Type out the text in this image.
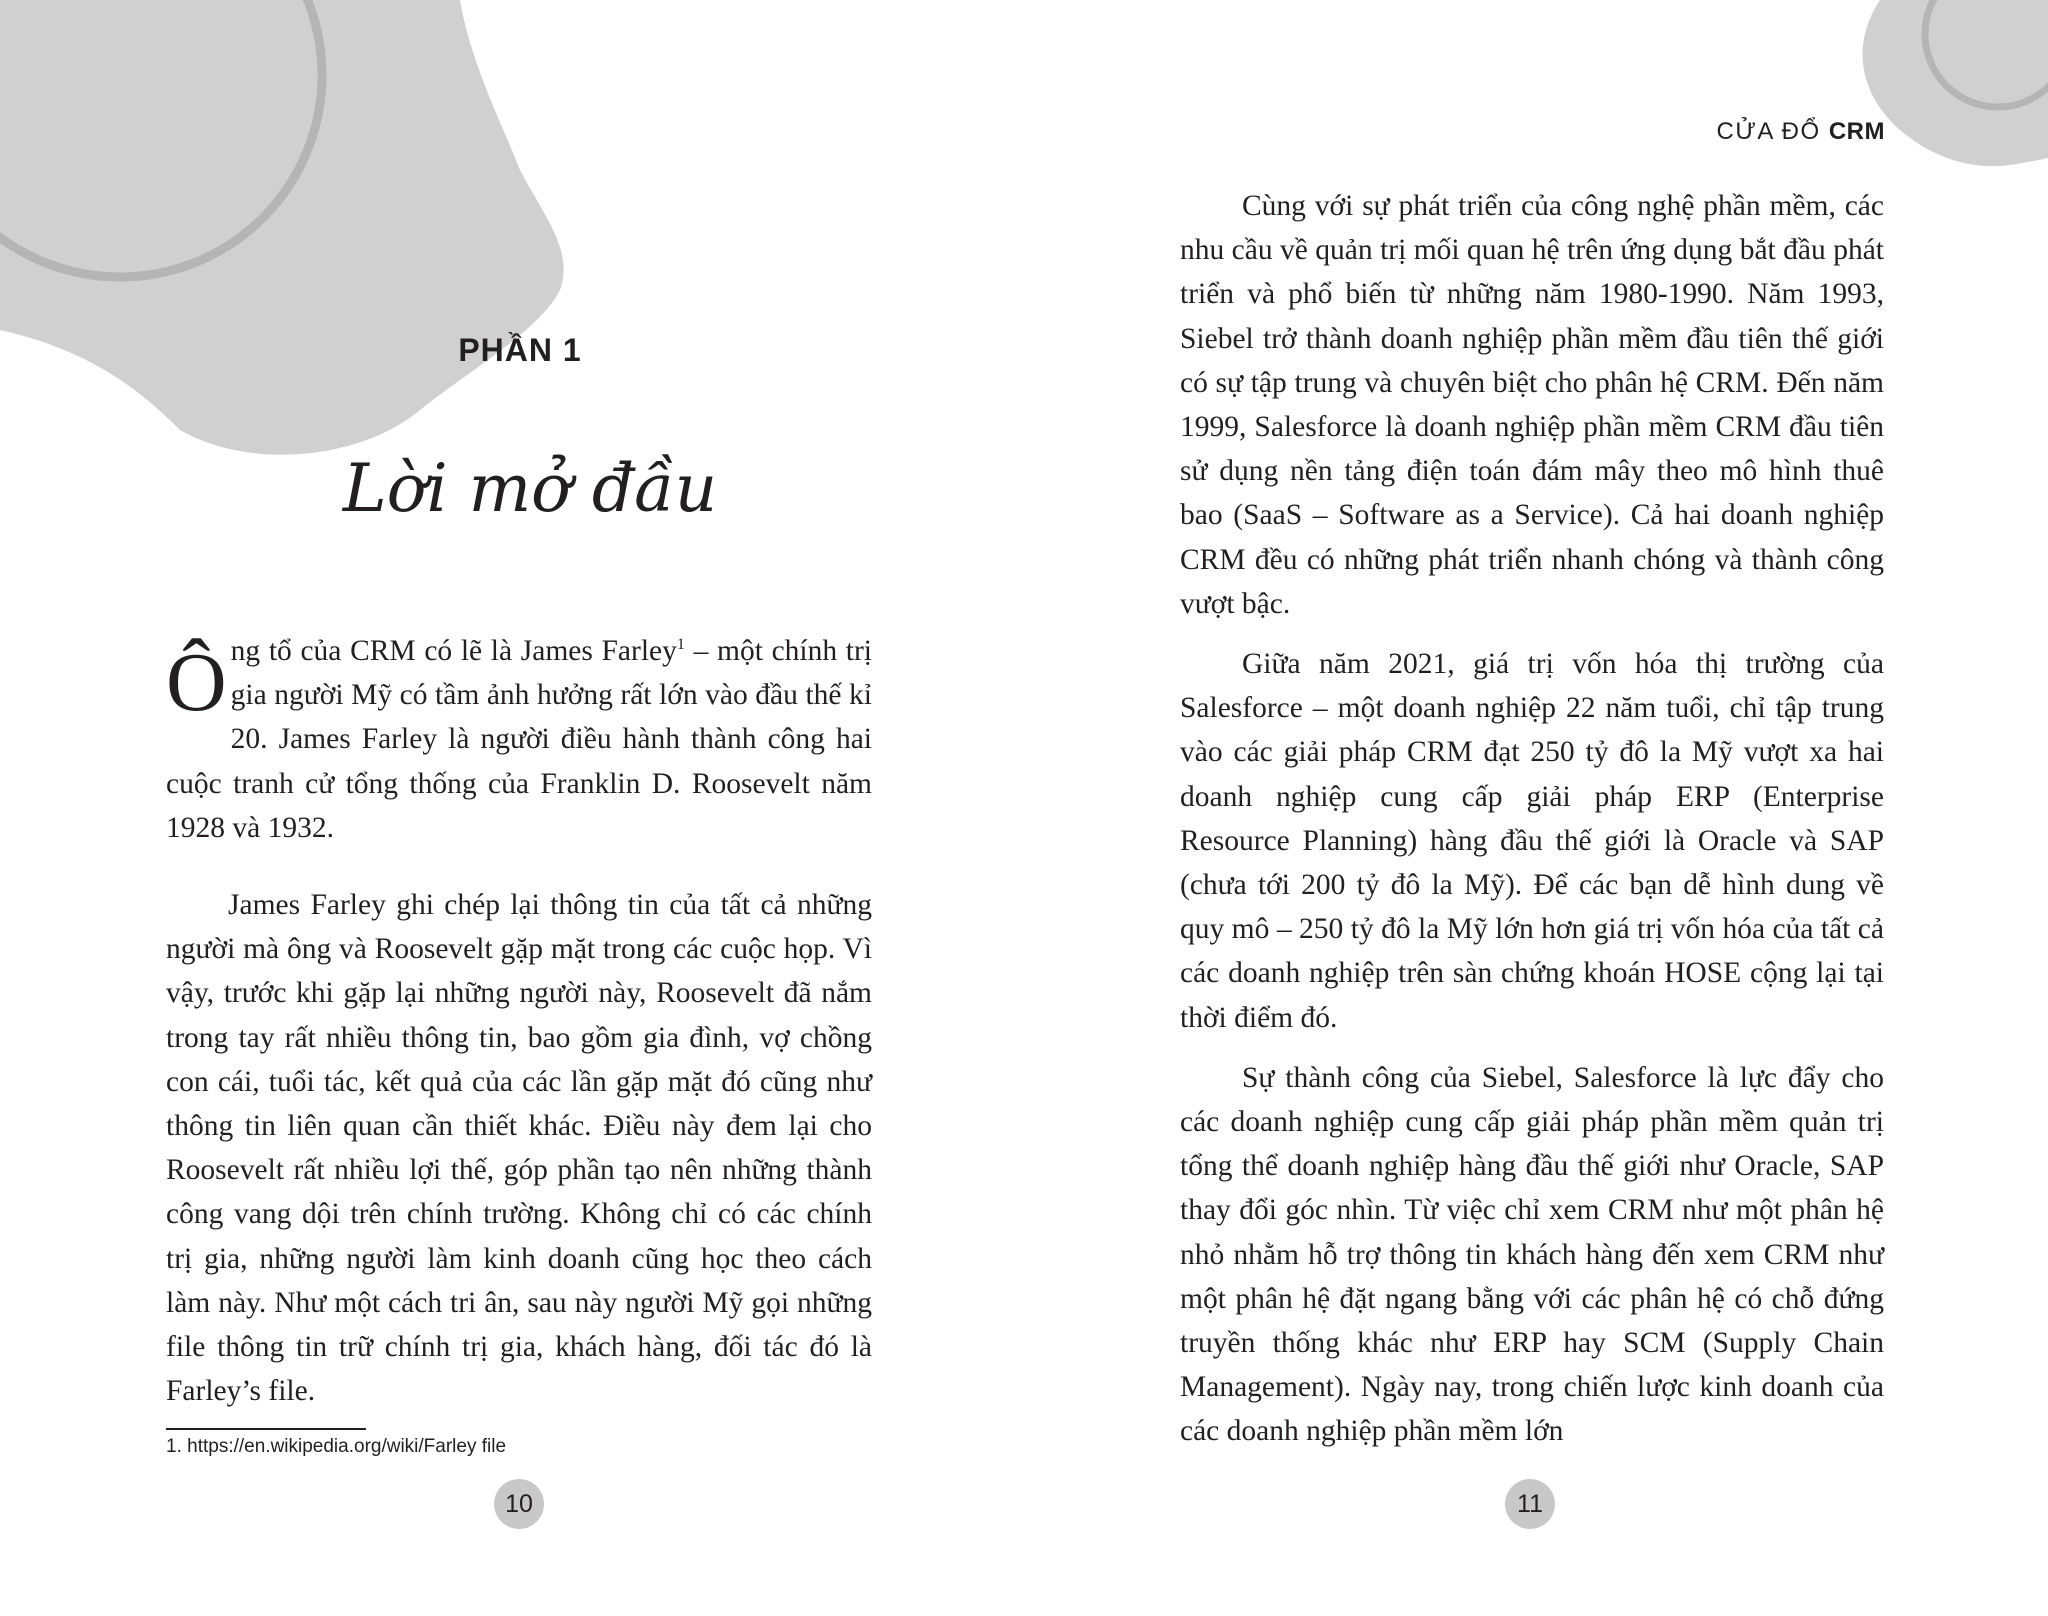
PHẦN 1
Lời mở đầu

Ông tổ của CRM có lẽ là James Farley$^1$ – một chính trị gia người Mỹ có tầm ảnh hưởng rất lớn vào đầu thế kỉ 20. James Farley là người điều hành thành công hai cuộc tranh cử tổng thống của Franklin D. Roosevelt năm 1928 và 1932.

James Farley ghi chép lại thông tin của tất cả những người mà ông và Roosevelt gặp mặt trong các cuộc họp. Vì vậy, trước khi gặp lại những người này, Roosevelt đã nắm trong tay rất nhiều thông tin, bao gồm gia đình, vợ chồng con cái, tuổi tác, kết quả của các lần gặp mặt đó cũng như thông tin liên quan cần thiết khác. Điều này đem lại cho Roosevelt rất nhiều lợi thế, góp phần tạo nên những thành công vang dội trên chính trường. Không chỉ có các chính trị gia, những người làm kinh doanh cũng học theo cách làm này. Như một cách tri ân, sau này người Mỹ gọi những file thông tin trữ chính trị gia, khách hàng, đối tác đó là Farley’s file.

1. https://en.wikipedia.org/wiki/Farley file
10
CỬA ĐỔ CRM

Cùng với sự phát triển của công nghệ phần mềm, các nhu cầu về quản trị mối quan hệ trên ứng dụng bắt đầu phát triển và phổ biến từ những năm 1980-1990. Năm 1993, Siebel trở thành doanh nghiệp phần mềm đầu tiên thế giới có sự tập trung và chuyên biệt cho phân hệ CRM. Đến năm 1999, Salesforce là doanh nghiệp phần mềm CRM đầu tiên sử dụng nền tảng điện toán đám mây theo mô hình thuê bao (SaaS – Software as a Service). Cả hai doanh nghiệp CRM đều có những phát triển nhanh chóng và thành công vượt bậc.

Giữa năm 2021, giá trị vốn hóa thị trường của Salesforce – một doanh nghiệp 22 năm tuổi, chỉ tập trung vào các giải pháp CRM đạt 250 tỷ đô la Mỹ vượt xa hai doanh nghiệp cung cấp giải pháp ERP (Enterprise Resource Planning) hàng đầu thế giới là Oracle và SAP (chưa tới 200 tỷ đô la Mỹ). Để các bạn dễ hình dung về quy mô – 250 tỷ đô la Mỹ lớn hơn giá trị vốn hóa của tất cả các doanh nghiệp trên sàn chứng khoán HOSE cộng lại tại thời điểm đó.

Sự thành công của Siebel, Salesforce là lực đẩy cho các doanh nghiệp cung cấp giải pháp phần mềm quản trị tổng thể doanh nghiệp hàng đầu thế giới như Oracle, SAP thay đổi góc nhìn. Từ việc chỉ xem CRM như một phân hệ nhỏ nhằm hỗ trợ thông tin khách hàng đến xem CRM như một phân hệ đặt ngang bằng với các phân hệ có chỗ đứng truyền thống khác như ERP hay SCM (Supply Chain Management). Ngày nay, trong chiến lược kinh doanh của các doanh nghiệp phần mềm lớn

11
